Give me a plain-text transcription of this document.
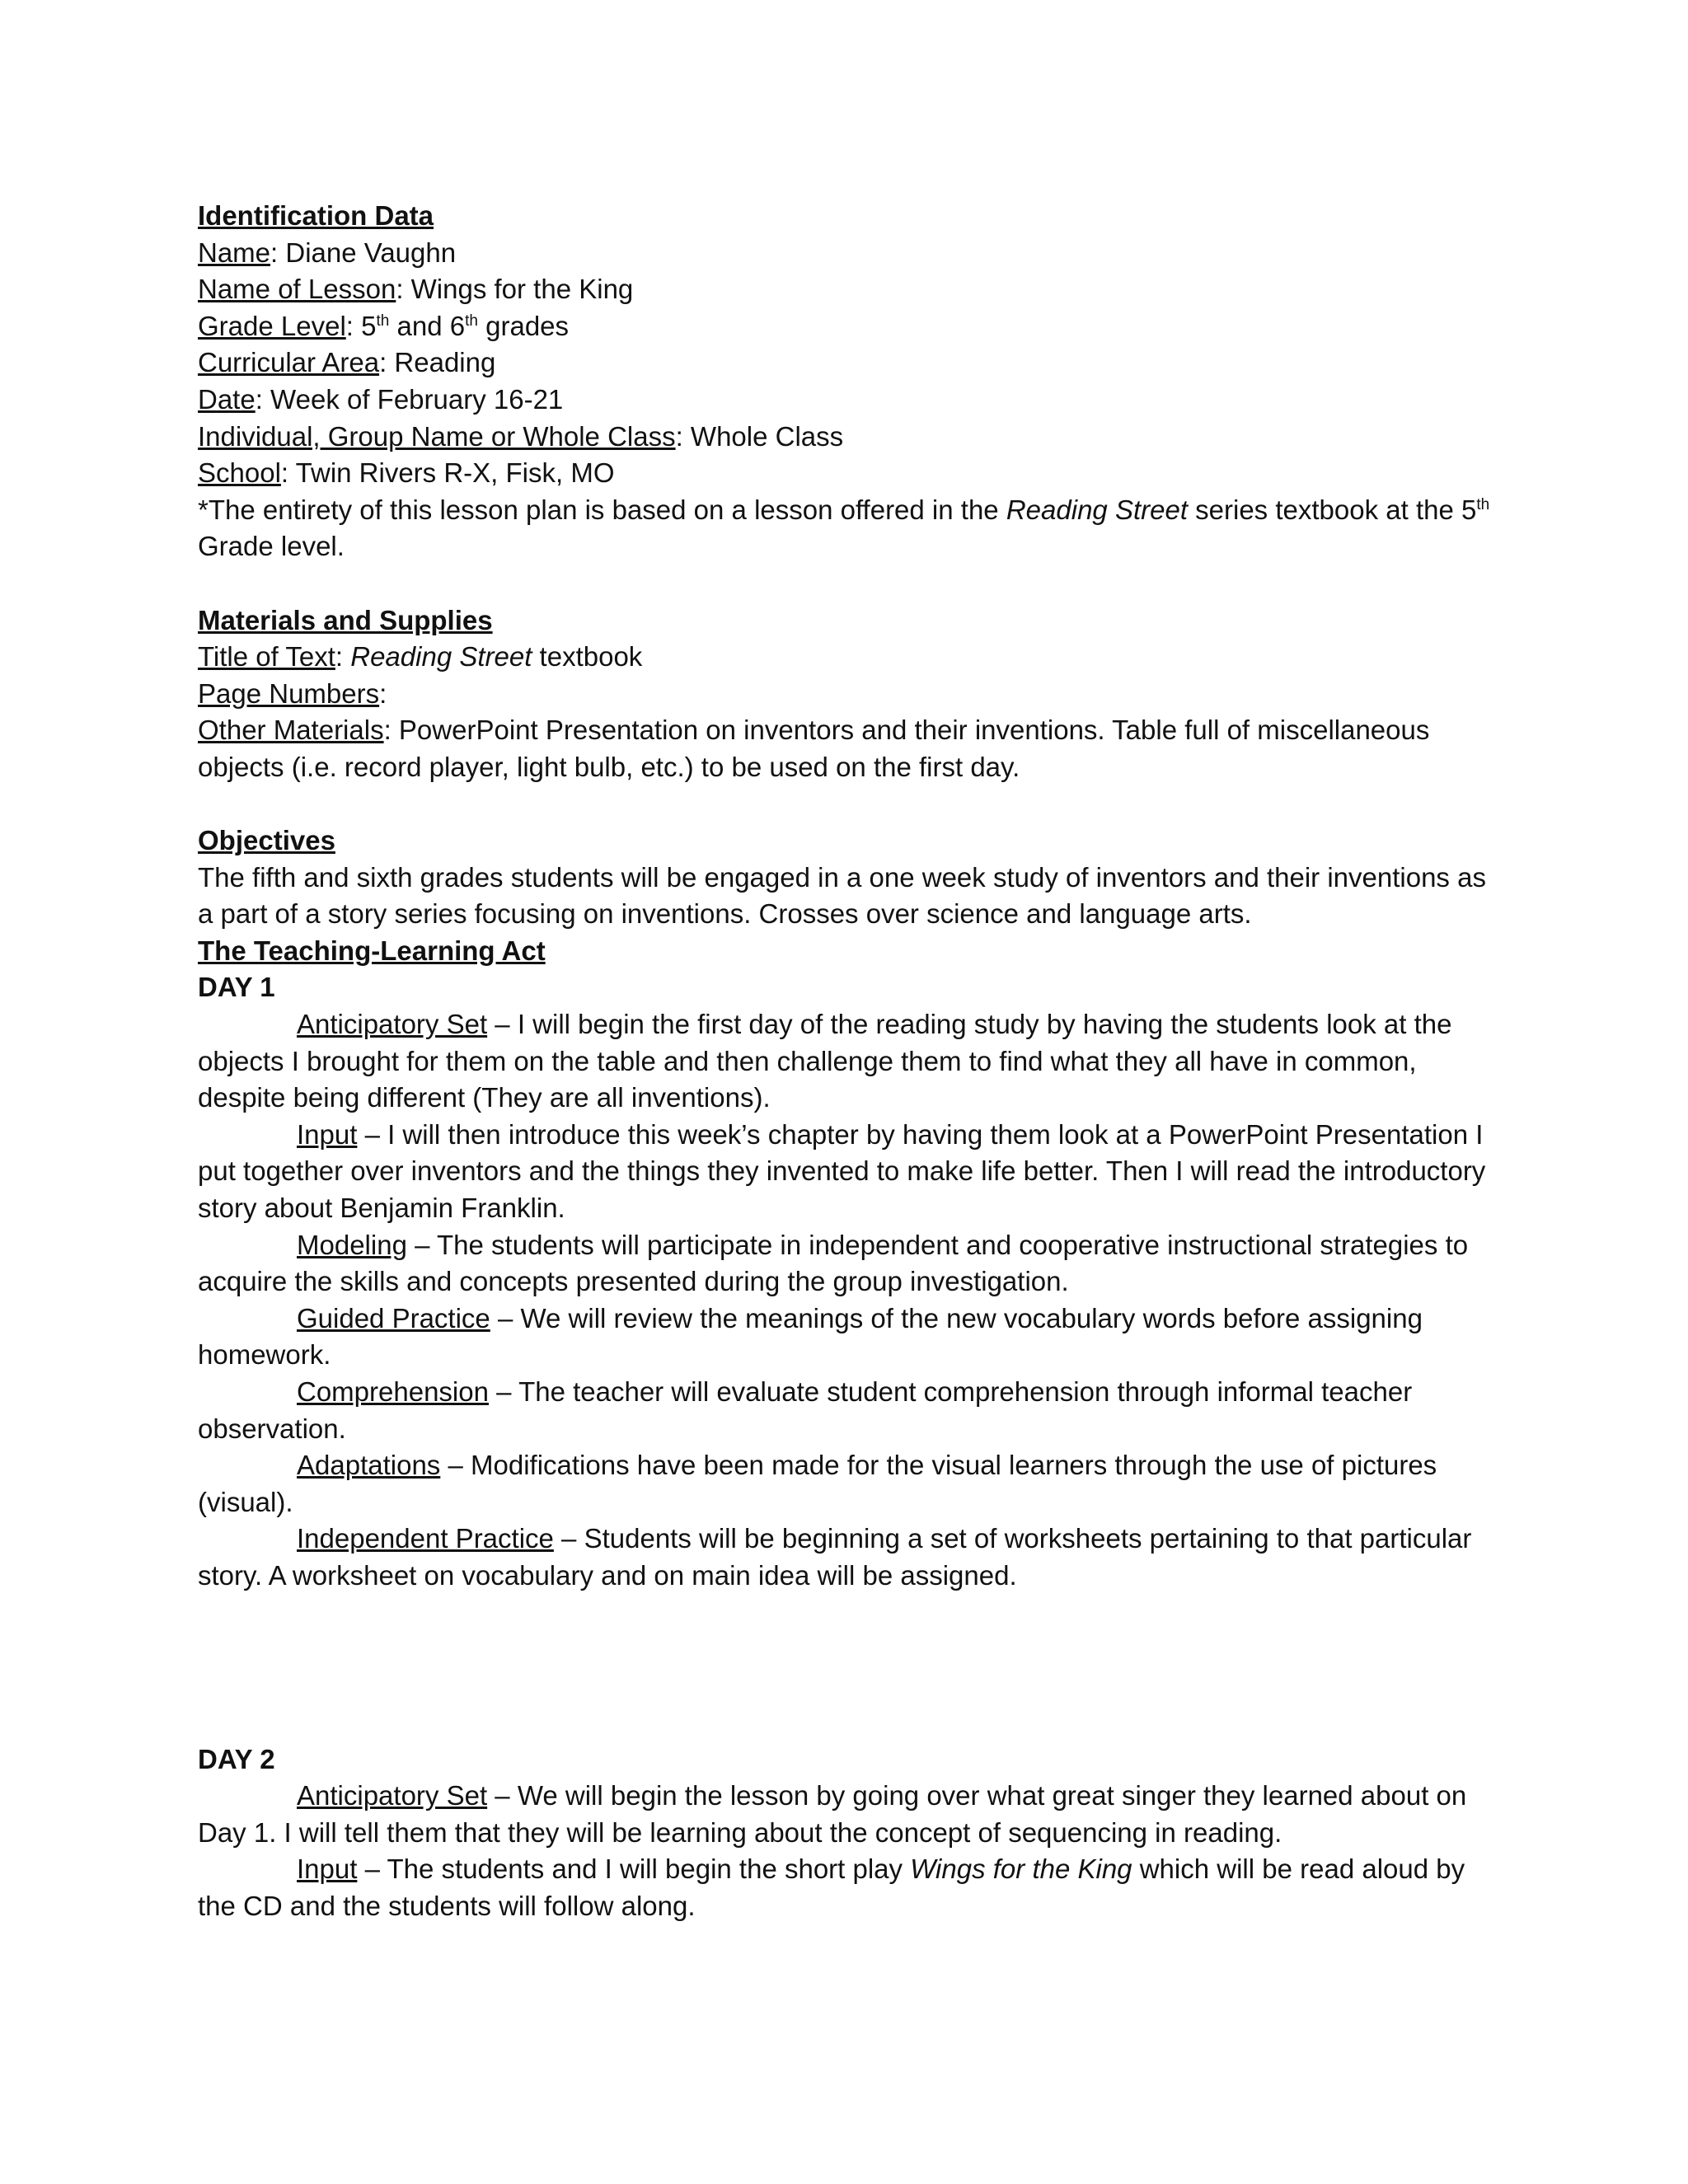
Identification Data
Name: Diane Vaughn
Name of Lesson: Wings for the King
Grade Level: 5th and 6th grades
Curricular Area: Reading
Date: Week of February 16-21
Individual, Group Name or Whole Class: Whole Class
School: Twin Rivers R-X, Fisk, MO
*The entirety of this lesson plan is based on a lesson offered in the Reading Street series textbook at the 5th Grade level.
Materials and Supplies
Title of Text: Reading Street textbook
Page Numbers:
Other Materials: PowerPoint Presentation on inventors and their inventions. Table full of miscellaneous objects (i.e. record player, light bulb, etc.) to be used on the first day.
Objectives
The fifth and sixth grades students will be engaged in a one week study of inventors and their inventions as a part of a story series focusing on inventions. Crosses over science and language arts.
The Teaching-Learning Act
DAY 1
Anticipatory Set – I will begin the first day of the reading study by having the students look at the objects I brought for them on the table and then challenge them to find what they all have in common, despite being different (They are all inventions).
Input – I will then introduce this week’s chapter by having them look at a PowerPoint Presentation I put together over inventors and the things they invented to make life better. Then I will read the introductory story about Benjamin Franklin.
Modeling – The students will participate in independent and cooperative instructional strategies to acquire the skills and concepts presented during the group investigation.
Guided Practice – We will review the meanings of the new vocabulary words before assigning homework.
Comprehension – The teacher will evaluate student comprehension through informal teacher observation.
Adaptations – Modifications have been made for the visual learners through the use of pictures (visual).
Independent Practice – Students will be beginning a set of worksheets pertaining to that particular story. A worksheet on vocabulary and on main idea will be assigned.
DAY 2
Anticipatory Set – We will begin the lesson by going over what great singer they learned about on Day 1. I will tell them that they will be learning about the concept of sequencing in reading.
Input – The students and I will begin the short play Wings for the King which will be read aloud by the CD and the students will follow along.
